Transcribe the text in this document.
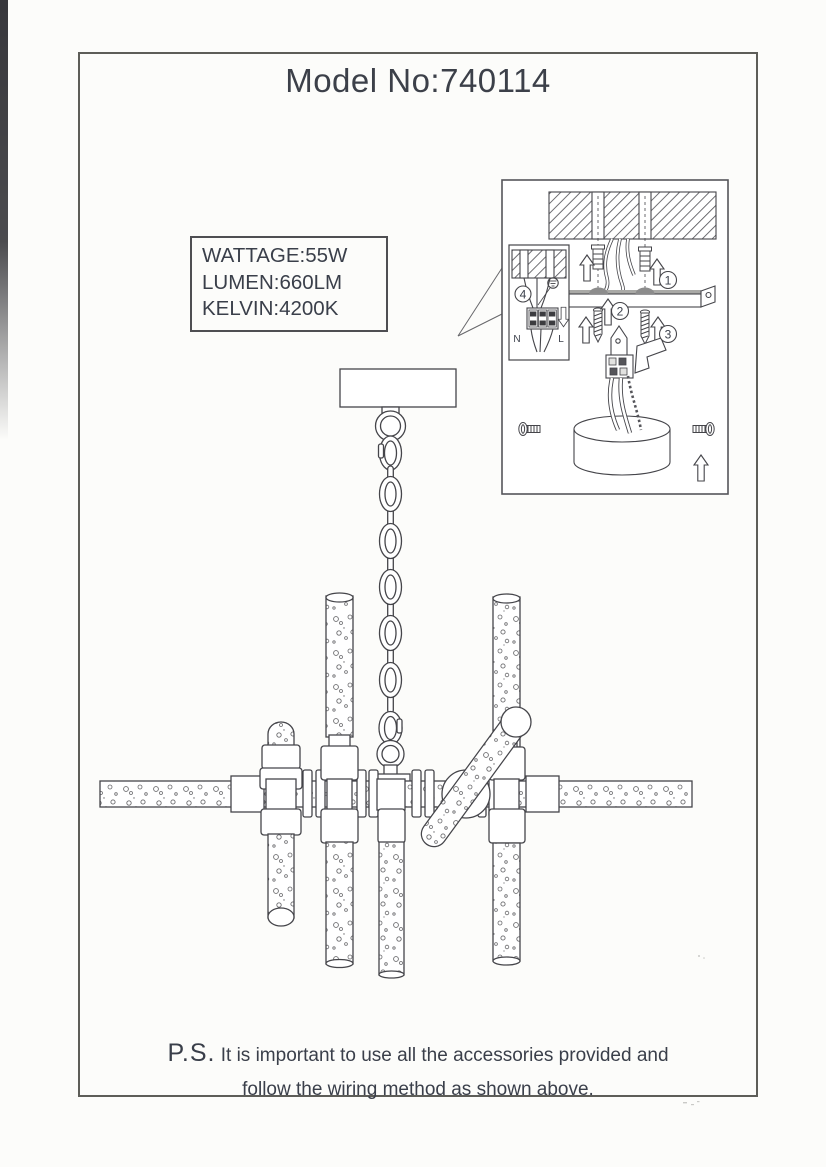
Model No:740114
WATTAGE:55W
LUMEN:660LM
KELVIN:4200K
N	L
1
2
3
4
P.S. It is important to use all the accessories provided and
follow the wiring method as shown above.
